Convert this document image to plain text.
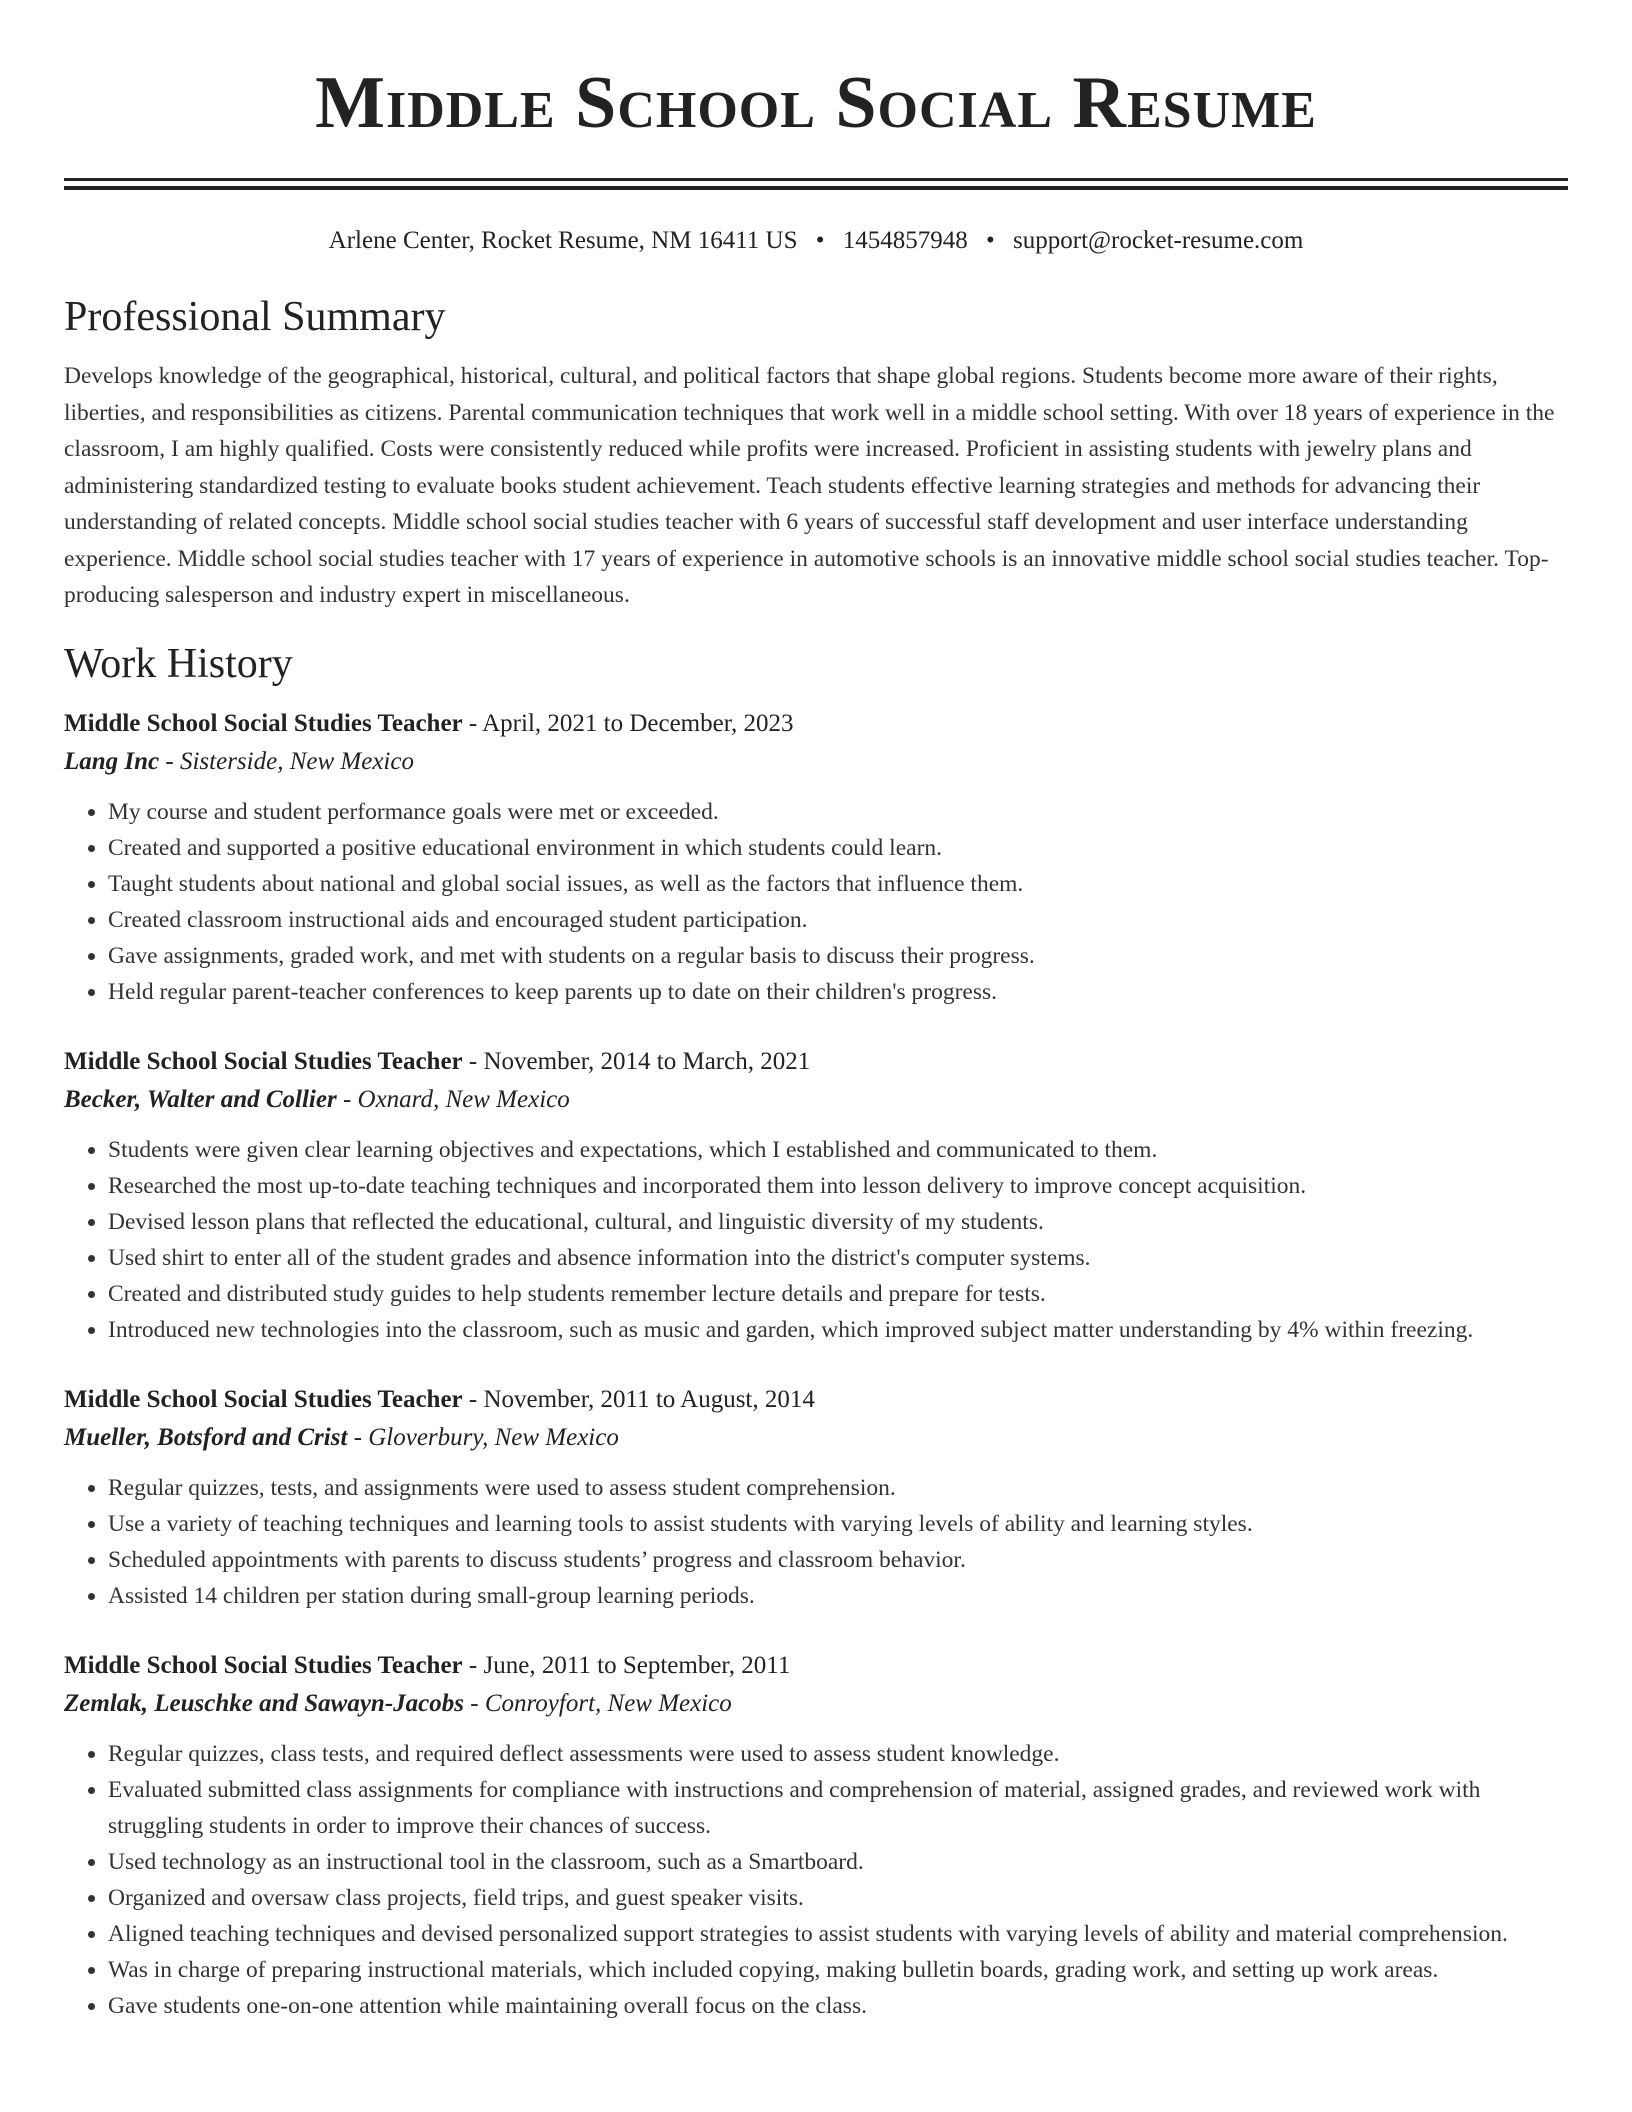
Middle School Social Resume
Arlene Center, Rocket Resume, NM 16411 US • 1454857948 • support@rocket-resume.com
Professional Summary

Develops knowledge of the geographical, historical, cultural, and political factors that shape global regions. Students become more aware of their rights, liberties, and responsibilities as citizens. Parental communication techniques that work well in a middle school setting. With over 18 years of experience in the classroom, I am highly qualified. Costs were consistently reduced while profits were increased. Proficient in assisting students with jewelry plans and administering standardized testing to evaluate books student achievement. Teach students effective learning strategies and methods for advancing their understanding of related concepts. Middle school social studies teacher with 6 years of successful staff development and user interface understanding experience. Middle school social studies teacher with 17 years of experience in automotive schools is an innovative middle school social studies teacher. Top-producing salesperson and industry expert in miscellaneous.

Work History
Middle School Social Studies Teacher - April, 2021 to December, 2023
Lang Inc - Sisterside, New Mexico
• My course and student performance goals were met or exceeded.
• Created and supported a positive educational environment in which students could learn.
• Taught students about national and global social issues, as well as the factors that influence them.
• Created classroom instructional aids and encouraged student participation.
• Gave assignments, graded work, and met with students on a regular basis to discuss their progress.
• Held regular parent-teacher conferences to keep parents up to date on their children's progress.
Middle School Social Studies Teacher - November, 2014 to March, 2021
Becker, Walter and Collier - Oxnard, New Mexico
• Students were given clear learning objectives and expectations, which I established and communicated to them.
• Researched the most up-to-date teaching techniques and incorporated them into lesson delivery to improve concept acquisition.
• Devised lesson plans that reflected the educational, cultural, and linguistic diversity of my students.
• Used shirt to enter all of the student grades and absence information into the district's computer systems.
• Created and distributed study guides to help students remember lecture details and prepare for tests.
• Introduced new technologies into the classroom, such as music and garden, which improved subject matter understanding by 4% within freezing.
Middle School Social Studies Teacher - November, 2011 to August, 2014
Mueller, Botsford and Crist - Gloverbury, New Mexico
• Regular quizzes, tests, and assignments were used to assess student comprehension.
• Use a variety of teaching techniques and learning tools to assist students with varying levels of ability and learning styles.
• Scheduled appointments with parents to discuss students’ progress and classroom behavior.
• Assisted 14 children per station during small-group learning periods.
Middle School Social Studies Teacher - June, 2011 to September, 2011
Zemlak, Leuschke and Sawayn-Jacobs - Conroyfort, New Mexico
• Regular quizzes, class tests, and required deflect assessments were used to assess student knowledge.
• Evaluated submitted class assignments for compliance with instructions and comprehension of material, assigned grades, and reviewed work with struggling students in order to improve their chances of success.
• Used technology as an instructional tool in the classroom, such as a Smartboard.
• Organized and oversaw class projects, field trips, and guest speaker visits.
• Aligned teaching techniques and devised personalized support strategies to assist students with varying levels of ability and material comprehension.
• Was in charge of preparing instructional materials, which included copying, making bulletin boards, grading work, and setting up work areas.
• Gave students one-on-one attention while maintaining overall focus on the class.
